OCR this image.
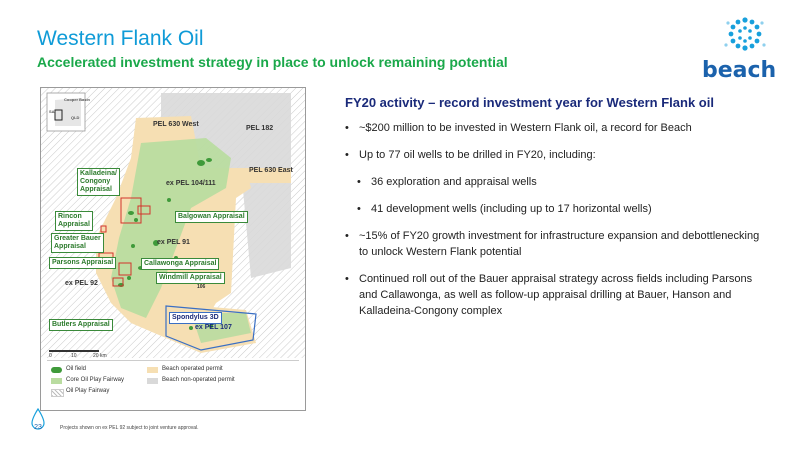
Western Flank Oil
Accelerated investment strategy in place to unlock remaining potential	beach
Cooper Basin
SA
QLD
PEL 630 West
PEL 182
PEL 630 East
ex PEL 104/111
ex PEL 91
ex PEL 92	106
ex PEL 107
Kalladeina/
Congony
Appraisal
Balgowan Appraisal
Rincon
Appraisal
Greater Bauer
Appraisal
Parsons Appraisal	Callawonga Appraisal
Windmill Appraisal
Butlers Appraisal
Spondylus 3D
0	10	20 km
Oil field
Core Oil Play Fairway
Oil Play Fairway
Beach operated permit
Beach non-operated permit
FY20 activity – record investment year for Western Flank oil
• ~$200 million to be invested in Western Flank oil, a record for Beach
• Up to 77 oil wells to be drilled in FY20, including:
• 36 exploration and appraisal wells
• 41 development wells (including up to 17 horizontal wells)
• ~15% of FY20 growth investment for infrastructure expansion and debottlenecking to unlock Western Flank potential
• Continued roll out of the Bauer appraisal strategy across fields including Parsons and Callawonga, as well as follow-up appraisal drilling at Bauer, Hanson and Kalladeina-Congony complex
23	Projects shown on ex PEL 92 subject to joint venture approval.
